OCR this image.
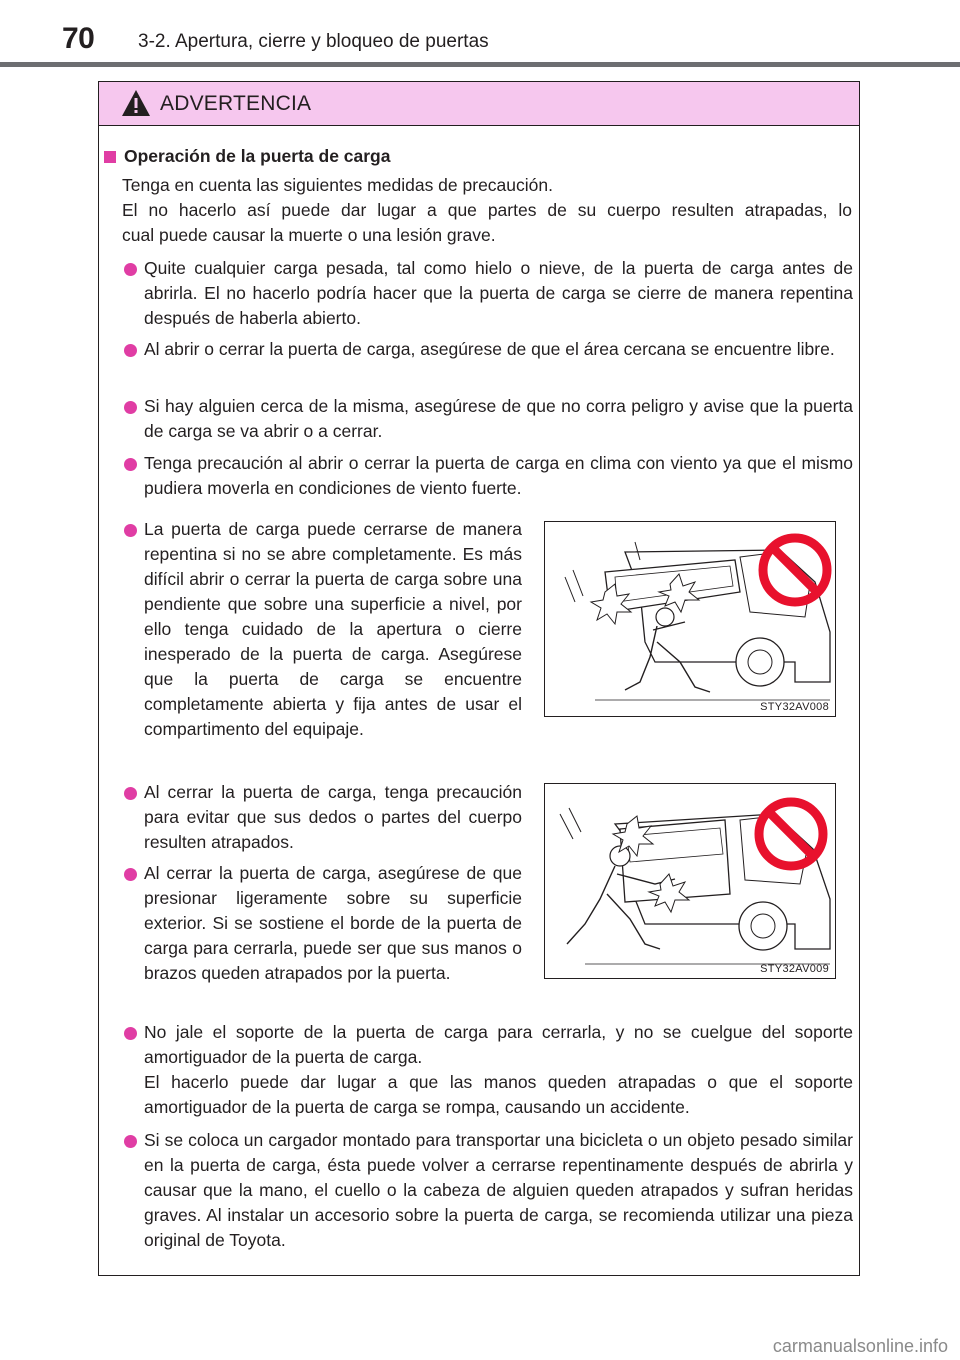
70 3-2. Apertura, cierre y bloqueo de puertas
ADVERTENCIA
Operación de la puerta de carga
Tenga en cuenta las siguientes medidas de precaución.
El no hacerlo así puede dar lugar a que partes de su cuerpo resulten atrapadas, lo
cual puede causar la muerte o una lesión grave.
Quite cualquier carga pesada, tal como hielo o nieve, de la puerta de carga antes de abrirla. El no hacerlo podría hacer que la puerta de carga se cierre de manera repentina después de haberla abierto.
Al abrir o cerrar la puerta de carga, asegúrese de que el área cercana se encuentre libre.
Si hay alguien cerca de la misma, asegúrese de que no corra peligro y avise que la puerta de carga se va abrir o a cerrar.
Tenga precaución al abrir o cerrar la puerta de carga en clima con viento ya que el mismo pudiera moverla en condiciones de viento fuerte.
La puerta de carga puede cerrarse de manera repentina si no se abre completamente. Es más difícil abrir o cerrar la puerta de carga sobre una pendiente que sobre una superficie a nivel, por ello tenga cuidado de la apertura o cierre inesperado de la puerta de carga. Asegúrese que la puerta de carga se encuentre completamente abierta y fija antes de usar el compartimento del equipaje.
STY32AV008
Al cerrar la puerta de carga, tenga precaución para evitar que sus dedos o partes del cuerpo resulten atrapados.
Al cerrar la puerta de carga, asegúrese de que presionar ligeramente sobre su superficie exterior. Si se sostiene el borde de la puerta de carga para cerrarla, puede ser que sus manos o brazos queden atrapados por la puerta.	STY32AV009
No jale el soporte de la puerta de carga para cerrarla, y no se cuelgue del soporte amortiguador de la puerta de carga.
El hacerlo puede dar lugar a que las manos queden atrapadas o que el soporte amortiguador de la puerta de carga se rompa, causando un accidente.
Si se coloca un cargador montado para transportar una bicicleta o un objeto pesado similar en la puerta de carga, ésta puede volver a cerrarse repentinamente después de abrirla y causar que la mano, el cuello o la cabeza de alguien queden atrapados y sufran heridas graves. Al instalar un accesorio sobre la puerta de carga, se recomienda utilizar una pieza original de Toyota.
carmanualsonline.info
